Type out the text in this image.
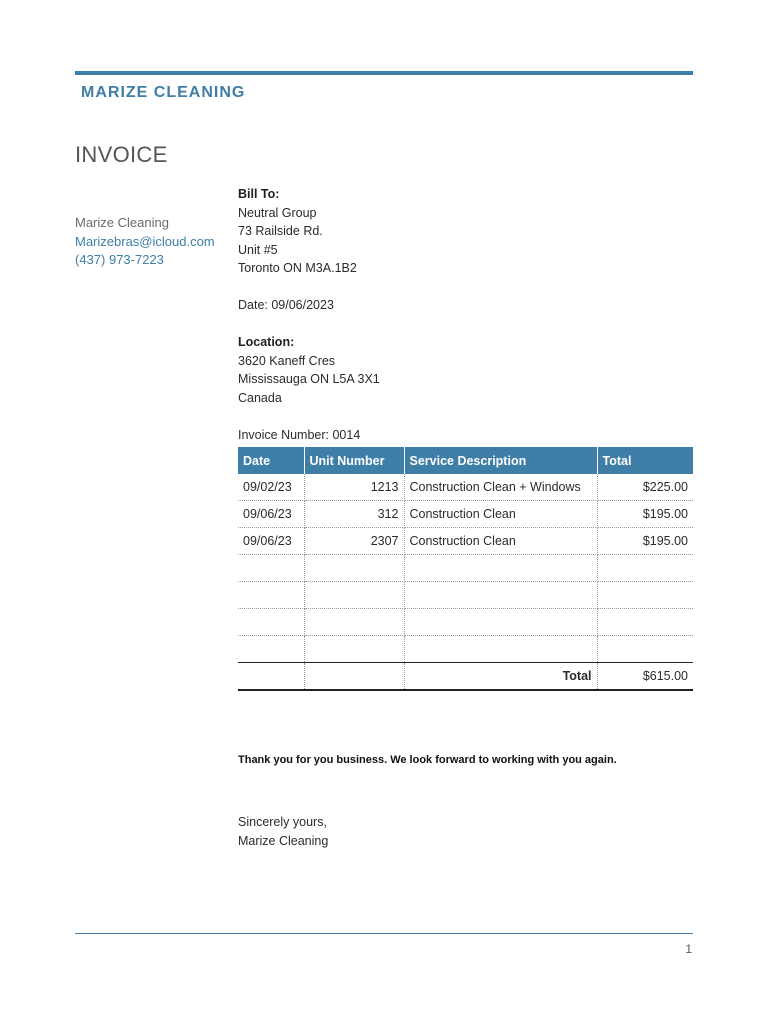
MARIZE CLEANING
INVOICE
Marize Cleaning
Marizebras@icloud.com
(437) 973-7223
Bill To:
Neutral Group
73 Railside Rd.
Unit #5
Toronto ON M3A.1B2
Date: 09/06/2023
Location:
3620 Kaneff Cres
Mississauga ON L5A 3X1
Canada
Invoice Number: 0014
Date	Unit Number	Service Description	Total
09/02/23	1213	Construction Clean + Windows	$225.00
09/06/23	312	Construction Clean	$195.00
09/06/23	2307	Construction Clean	$195.00

		Total	$615.00
Thank you for you business. We look forward to working with you again.
Sincerely yours,
Marize Cleaning
1
